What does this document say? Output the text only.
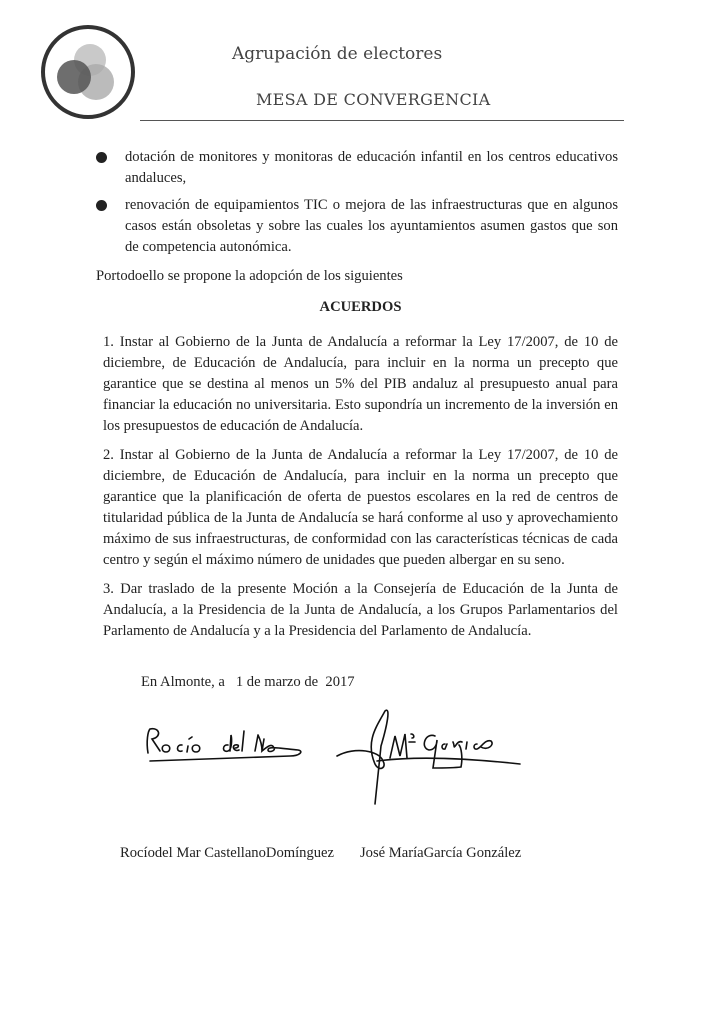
Agrupación de electores
MESA DE CONVERGENCIA
dotación de monitores y monitoras de educación infantil en los centros educativos andaluces,
renovación de equipamientos TIC o mejora de las infraestructuras que en algunos casos están obsoletas y sobre las cuales los ayuntamientos asumen gastos que son de competencia autonómica.
Portodoello se propone la adopción de los siguientes
ACUERDOS
1. Instar al Gobierno de la Junta de Andalucía a reformar la Ley 17/2007, de 10 de diciembre, de Educación de Andalucía, para incluir en la norma un precepto que garantice que se destina al menos un 5% del PIB andaluz al presupuesto anual para financiar la educación no universitaria. Esto supondría un incremento de la inversión en los presupuestos de educación de Andalucía.
2. Instar al Gobierno de la Junta de Andalucía a reformar la Ley 17/2007, de 10 de diciembre, de Educación de Andalucía, para incluir en la norma un precepto que garantice que la planificación de oferta de puestos escolares en la red de centros de titularidad pública de la Junta de Andalucía se hará conforme al uso y aprovechamiento máximo de sus infraestructuras, de conformidad con las características técnicas de cada centro y según el máximo número de unidades que pueden albergar en su seno.
3. Dar traslado de la presente Moción a la Consejería de Educación de la Junta de Andalucía, a la Presidencia de la Junta de Andalucía, a los Grupos Parlamentarios del Parlamento de Andalucía y a la Presidencia del Parlamento de Andalucía.
En Almonte, a   1 de marzo de  2017
Rocíodel Mar CastellanoDomínguez José MaríaGarcía González
